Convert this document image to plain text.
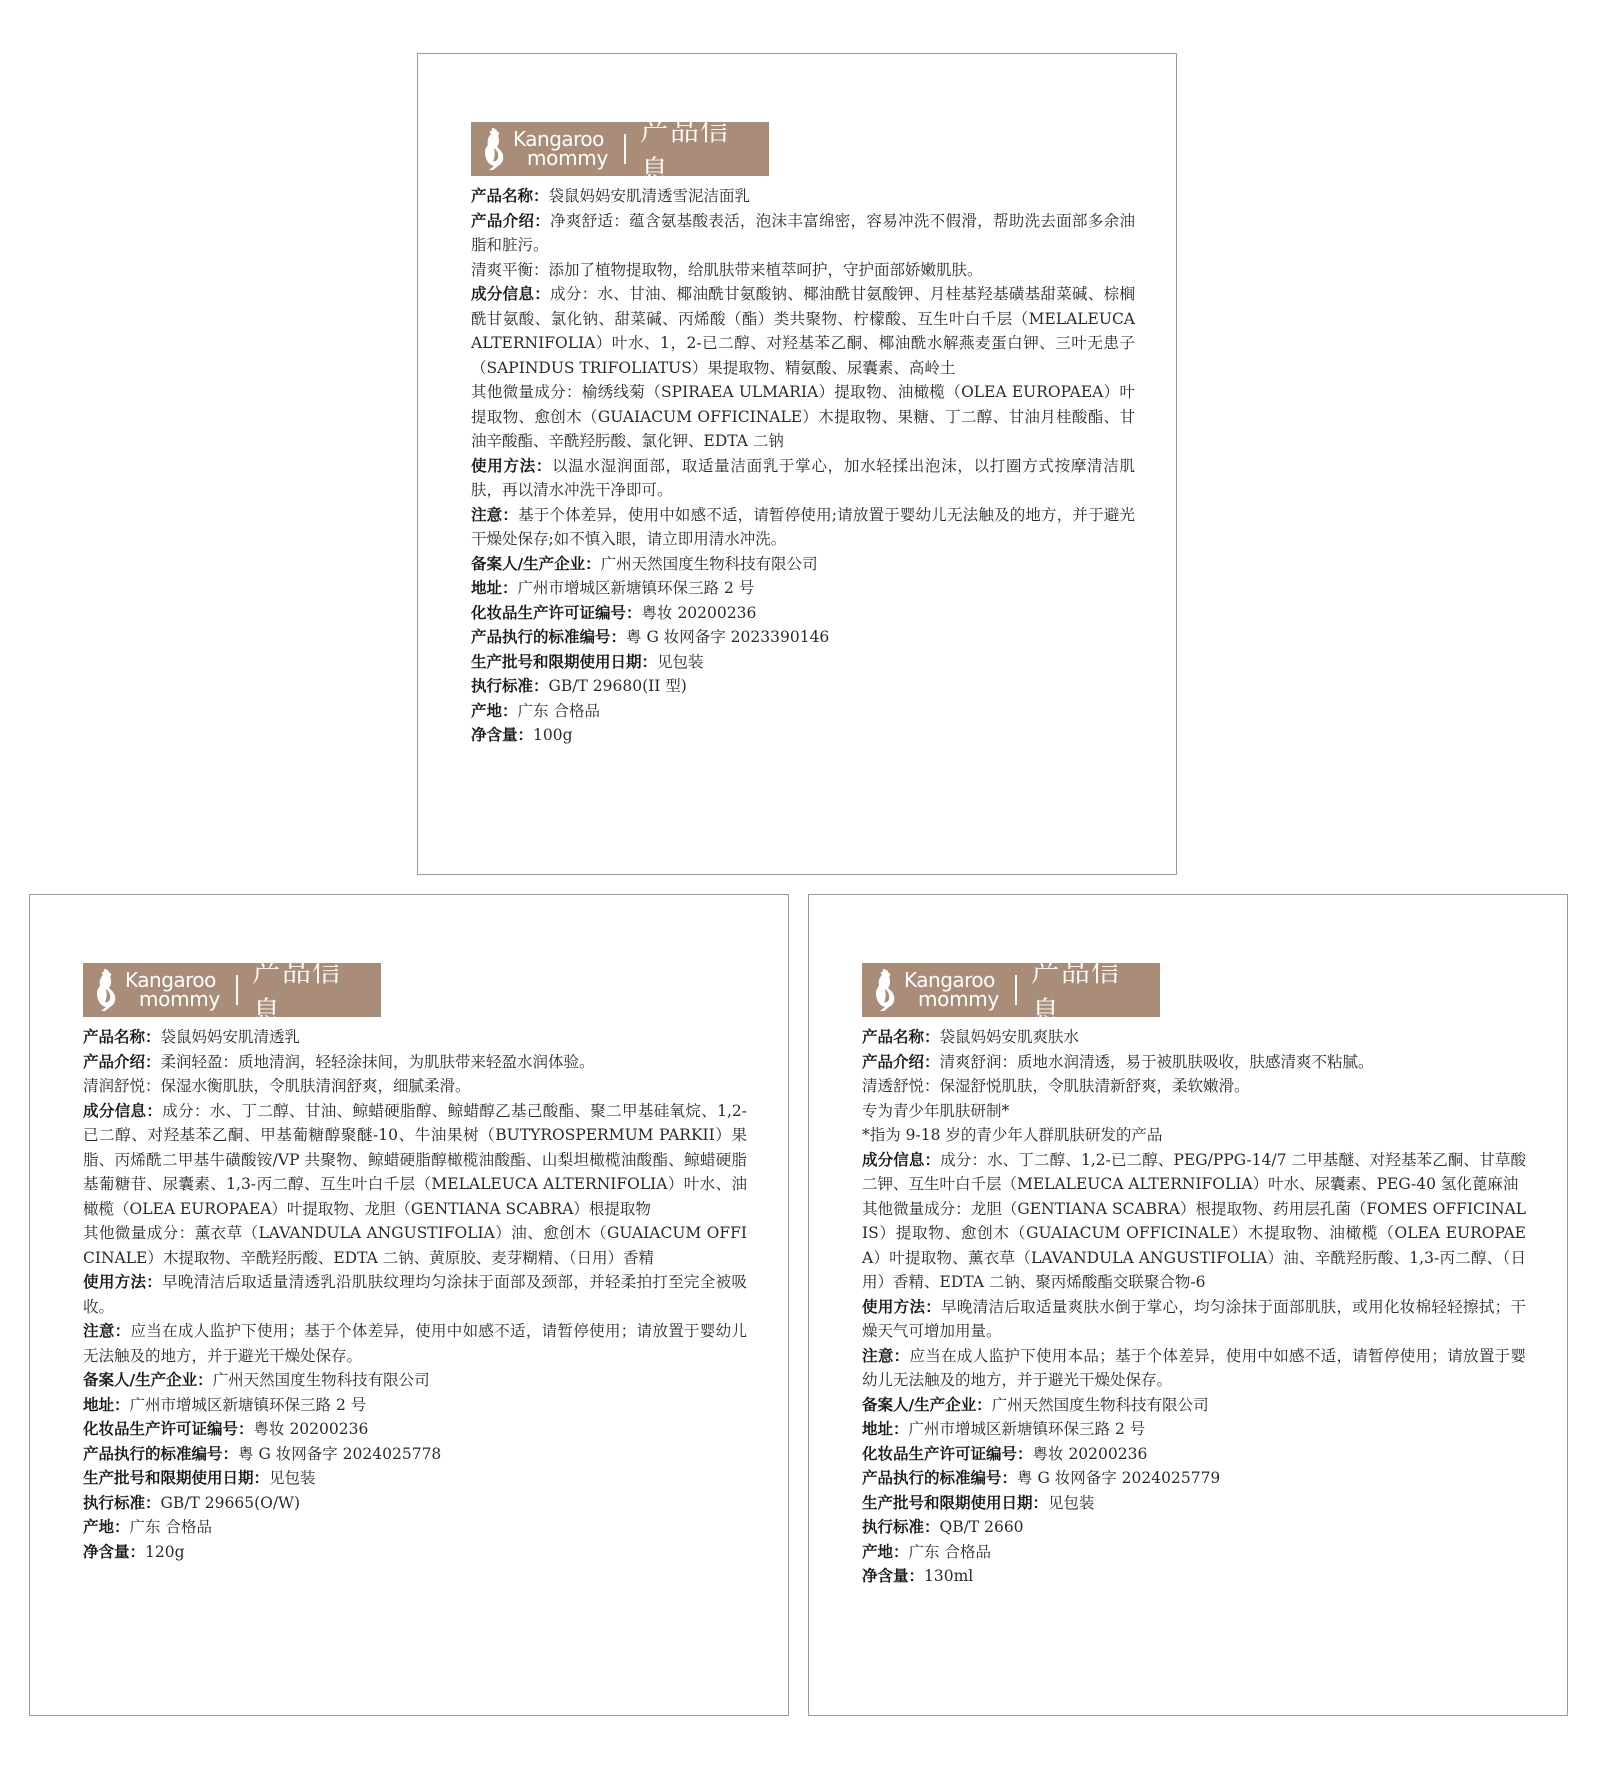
Kangaroo
mommy
产品信息

产品名称：袋鼠妈妈安肌清透雪泥洁面乳

产品介绍：净爽舒适：蕴含氨基酸表活，泡沫丰富绵密，容易冲洗不假滑，帮助洗去面部多余油脂和脏污。

清爽平衡：添加了植物提取物，给肌肤带来植萃呵护，守护面部娇嫩肌肤。

成分信息：成分：水、甘油、椰油酰甘氨酸钠、椰油酰甘氨酸钾、月桂基羟基磺基甜菜碱、棕榈酰甘氨酸、氯化钠、甜菜碱、丙烯酸（酯）类共聚物、柠檬酸、互生叶白千层（MELALEUCA ALTERNIFOLIA）叶水、1，2-已二醇、对羟基苯乙酮、椰油酰水解燕麦蛋白钾、三叶无患子（SAPINDUS TRIFOLIATUS）果提取物、精氨酸、尿囊素、高岭土

其他微量成分：榆绣线菊（SPIRAEA ULMARIA）提取物、油橄榄（OLEA EUROPAEA）叶提取物、愈创木（GUAIACUM OFFICINALE）木提取物、果糖、丁二醇、甘油月桂酸酯、甘油辛酸酯、辛酰羟肟酸、氯化钾、EDTA 二钠

使用方法：以温水湿润面部，取适量洁面乳于掌心，加水轻揉出泡沫，以打圈方式按摩清洁肌肤，再以清水冲洗干净即可。

注意：基于个体差异，使用中如感不适，请暂停使用;请放置于婴幼儿无法触及的地方，并于避光干燥处保存;如不慎入眼，请立即用清水冲洗。

备案人/生产企业：广州天然国度生物科技有限公司

地址：广州市增城区新塘镇环保三路 2 号

化妆品生产许可证编号：粤妆 20200236

产品执行的标准编号：粤 G 妆网备字 2023390146

生产批号和限期使用日期：见包装

执行标准：GB/T 29680(II 型)

产地：广东 合格品

净含量：100g

Kangaroo
mommy
产品信息

产品名称：袋鼠妈妈安肌清透乳

产品介绍：柔润轻盈：质地清润，轻轻涂抹间，为肌肤带来轻盈水润体验。

清润舒悦：保湿水衡肌肤，令肌肤清润舒爽，细腻柔滑。

成分信息：成分：水、丁二醇、甘油、鲸蜡硬脂醇、鲸蜡醇乙基己酸酯、聚二甲基硅氧烷、1,2-已二醇、对羟基苯乙酮、甲基葡糖醇聚醚-10、牛油果树（BUTYROSPERMUM PARKII）果脂、丙烯酰二甲基牛磺酸铵/VP 共聚物、鲸蜡硬脂醇橄榄油酸酯、山梨坦橄榄油酸酯、鲸蜡硬脂基葡糖苷、尿囊素、1,3-丙二醇、互生叶白千层（MELALEUCA ALTERNIFOLIA）叶水、油橄榄（OLEA EUROPAEA）叶提取物、龙胆（GENTIANA SCABRA）根提取物

其他微量成分：薰衣草（LAVANDULA ANGUSTIFOLIA）油、愈创木（GUAIACUM OFFICINALE）木提取物、辛酰羟肟酸、EDTA 二钠、黄原胶、麦芽糊精、（日用）香精

使用方法：早晚清洁后取适量清透乳沿肌肤纹理均匀涂抹于面部及颈部，并轻柔拍打至完全被吸收。

注意：应当在成人监护下使用；基于个体差异，使用中如感不适，请暂停使用；请放置于婴幼儿无法触及的地方，并于避光干燥处保存。

备案人/生产企业：广州天然国度生物科技有限公司

地址：广州市增城区新塘镇环保三路 2 号

化妆品生产许可证编号：粤妆 20200236

产品执行的标准编号：粤 G 妆网备字 2024025778

生产批号和限期使用日期：见包装

执行标准：GB/T 29665(O/W)

产地：广东 合格品

净含量：120g

Kangaroo
mommy
产品信息

产品名称：袋鼠妈妈安肌爽肤水

产品介绍：清爽舒润：质地水润清透，易于被肌肤吸收，肤感清爽不粘腻。

清透舒悦：保湿舒悦肌肤，令肌肤清新舒爽，柔软嫩滑。

专为青少年肌肤研制*

*指为 9-18 岁的青少年人群肌肤研发的产品

成分信息：成分：水、丁二醇、1,2-已二醇、PEG/PPG-14/7 二甲基醚、对羟基苯乙酮、甘草酸二钾、互生叶白千层（MELALEUCA ALTERNIFOLIA）叶水、尿囊素、PEG-40 氢化蓖麻油

其他微量成分：龙胆（GENTIANA SCABRA）根提取物、药用层孔菌（FOMES OFFICINALIS）提取物、愈创木（GUAIACUM OFFICINALE）木提取物、油橄榄（OLEA EUROPAEA）叶提取物、薰衣草（LAVANDULA ANGUSTIFOLIA）油、辛酰羟肟酸、1,3-丙二醇、（日用）香精、EDTA 二钠、聚丙烯酸酯交联聚合物-6

使用方法：早晚清洁后取适量爽肤水倒于掌心，均匀涂抹于面部肌肤，或用化妆棉轻轻擦拭；干燥天气可增加用量。

注意：应当在成人监护下使用本品；基于个体差异，使用中如感不适，请暂停使用；请放置于婴幼儿无法触及的地方，并于避光干燥处保存。

备案人/生产企业：广州天然国度生物科技有限公司

地址：广州市增城区新塘镇环保三路 2 号

化妆品生产许可证编号：粤妆 20200236

产品执行的标准编号：粤 G 妆网备字 2024025779

生产批号和限期使用日期：见包装

执行标准：QB/T 2660

产地：广东 合格品

净含量：130ml
